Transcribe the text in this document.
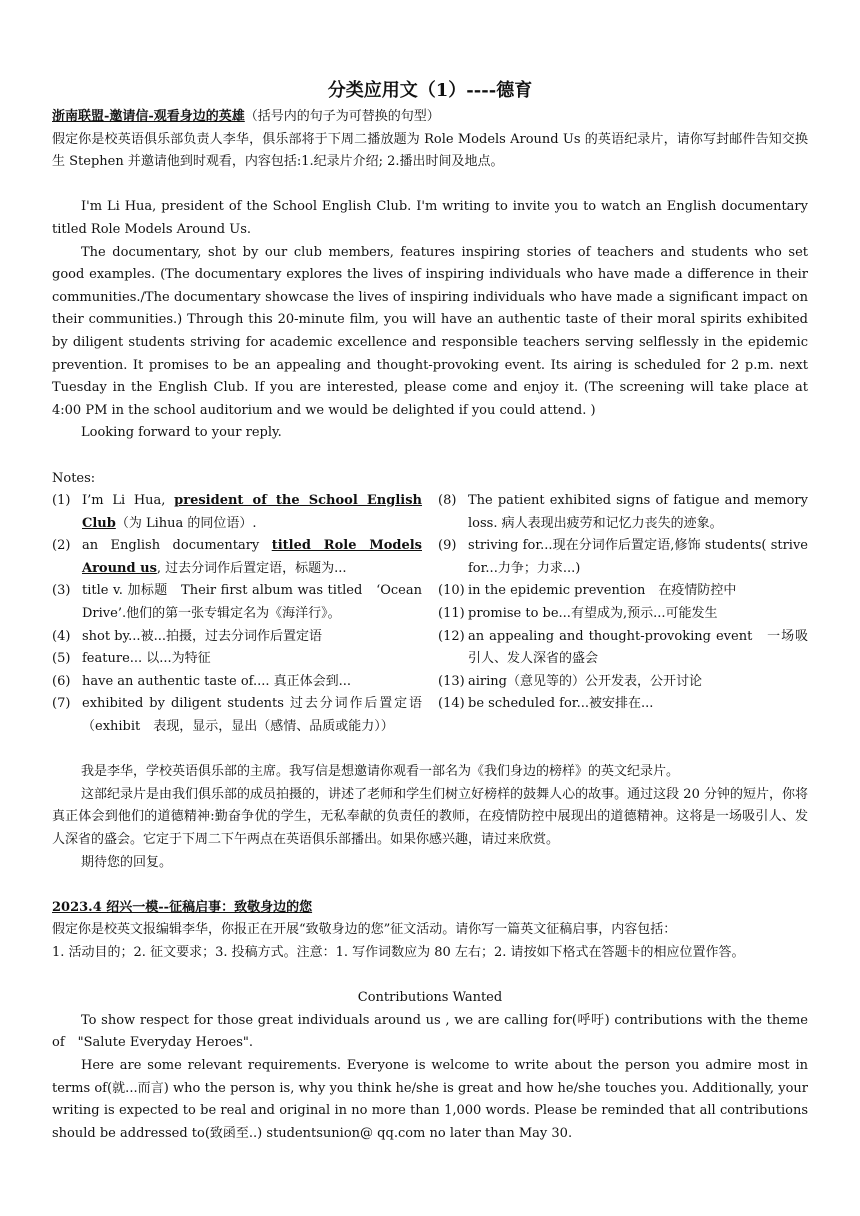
分类应用文（1）----德育

浙南联盟-邀请信-观看身边的英雄（括号内的句子为可替换的句型）

假定你是校英语俱乐部负责人李华，俱乐部将于下周二播放题为 Role Models Around Us 的英语纪录片，请你写封邮件告知交换生 Stephen 并邀请他到时观看，内容包括:1.纪录片介绍; 2.播出时间及地点。

I'm Li Hua, president of the School English Club. I'm writing to invite you to watch an English documentary titled Role Models Around Us.

The documentary, shot by our club members, features inspiring stories of teachers and students who set good examples. (The documentary explores the lives of inspiring individuals who have made a difference in their communities./The documentary showcase the lives of inspiring individuals who have made a significant impact on their communities.) Through this 20-minute film, you will have an authentic taste of their moral spirits exhibited by diligent students striving for academic excellence and responsible teachers serving selflessly in the epidemic prevention. It promises to be an appealing and thought-provoking event. Its airing is scheduled for 2 p.m. next Tuesday in the English Club. If you are interested, please come and enjoy it. (The screening will take place at 4:00 PM in the school auditorium and we would be delighted if you could attend. )

Looking forward to your reply.

Notes:

(1) I’m Li Hua, president of the School English Club（为 Lihua 的同位语）.
(2) an English documentary titled Role Models Around us, 过去分词作后置定语，标题为...
(3) title v. 加标题　Their first album was titled　‘Ocean Drive’.他们的第一张专辑定名为《海洋行》。
(4) shot by...被...拍摄，过去分词作后置定语
(5) feature... 以...为特征
(6) have an authentic taste of.... 真正体会到...
(7) exhibited by diligent students 过去分词作后置定语（exhibit　表现，显示，显出（感情、品质或能力））
(8) The patient exhibited signs of fatigue and memory loss. 病人表现出疲劳和记忆力丧失的迹象。
(9) striving for...现在分词作后置定语,修饰 students( strive for...力争；力求...)
(10) in the epidemic prevention　在疫情防控中
(11) promise to be...有望成为,预示...可能发生
(12) an appealing and thought-provoking event　一场吸引人、发人深省的盛会
(13) airing（意见等的）公开发表，公开讨论
(14) be scheduled for...被安排在...

我是李华，学校英语俱乐部的主席。我写信是想邀请你观看一部名为《我们身边的榜样》的英文纪录片。

这部纪录片是由我们俱乐部的成员拍摄的，讲述了老师和学生们树立好榜样的鼓舞人心的故事。通过这段 20 分钟的短片，你将真正体会到他们的道德精神:勤奋争优的学生，无私奉献的负责任的教师，在疫情防控中展现出的道德精神。这将是一场吸引人、发人深省的盛会。它定于下周二下午两点在英语俱乐部播出。如果你感兴趣，请过来欣赏。

期待您的回复。

2023.4 绍兴一模--征稿启事：致敬身边的您

假定你是校英文报编辑李华，你报正在开展“致敬身边的您”征文活动。请你写一篇英文征稿启事，内容包括：

1. 活动目的；2. 征文要求；3. 投稿方式。注意：1. 写作词数应为 80 左右；2. 请按如下格式在答题卡的相应位置作答。

Contributions Wanted

To show respect for those great individuals around us , we are calling for(呼吁) contributions with the theme of　"Salute Everyday Heroes".

Here are some relevant requirements. Everyone is welcome to write about the person you admire most in terms of(就...而言) who the person is, why you think he/she is great and how he/she touches you. Additionally, your writing is expected to be real and original in no more than 1,000 words. Please be reminded that all contributions should be addressed to(致函至..) studentsunion@ qq.com no later than May 30.
